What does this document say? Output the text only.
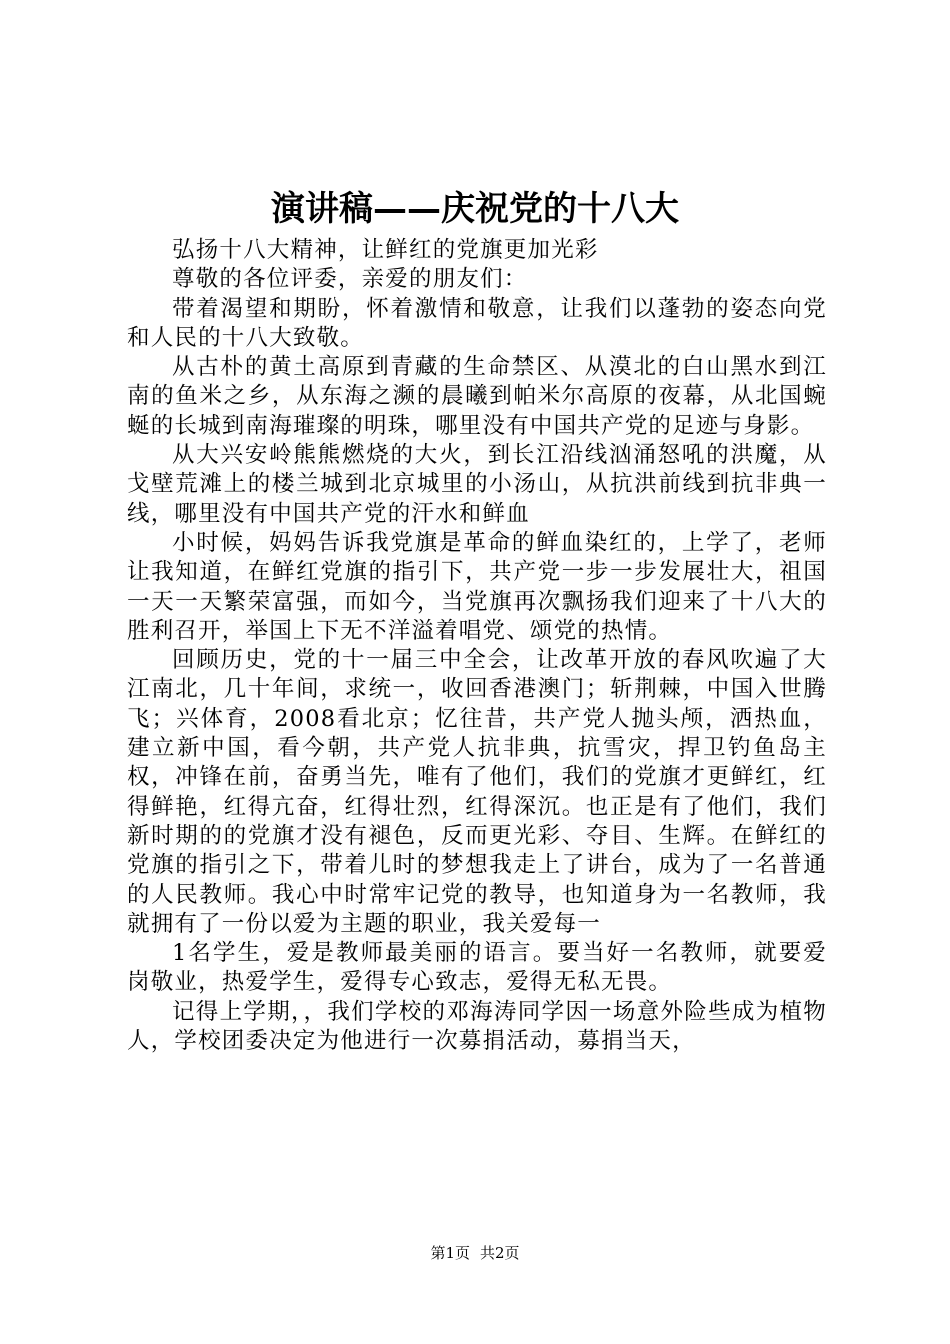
演讲稿——庆祝党的十八大

弘扬十八大精神，让鲜红的党旗更加光彩

尊敬的各位评委，亲爱的朋友们：

带着渴望和期盼，怀着激情和敬意，让我们以蓬勃的姿态向党和人民的十八大致敬。

从古朴的黄土高原到青藏的生命禁区、从漠北的白山黑水到江南的鱼米之乡，从东海之濒的晨曦到帕米尔高原的夜幕，从北国蜿蜒的长城到南海璀璨的明珠，哪里没有中国共产党的足迹与身影。

从大兴安岭熊熊燃烧的大火，到长江沿线汹涌怒吼的洪魔，从戈壁荒滩上的楼兰城到北京城里的小汤山，从抗洪前线到抗非典一线，哪里没有中国共产党的汗水和鲜血

小时候，妈妈告诉我党旗是革命的鲜血染红的，上学了，老师让我知道，在鲜红党旗的指引下，共产党一步一步发展壮大，祖国一天一天繁荣富强，而如今，当党旗再次飘扬我们迎来了十八大的胜利召开，举国上下无不洋溢着唱党、颂党的热情。

回顾历史，党的十一届三中全会，让改革开放的春风吹遍了大江南北，几十年间，求统一，收回香港澳门；斩荆棘，中国入世腾飞；兴体育，2008看北京；忆往昔，共产党人抛头颅，洒热血，建立新中国，看今朝，共产党人抗非典，抗雪灾，捍卫钓鱼岛主权，冲锋在前，奋勇当先，唯有了他们，我们的党旗才更鲜红，红得鲜艳，红得亢奋，红得壮烈，红得深沉。也正是有了他们，我们新时期的的党旗才没有褪色，反而更光彩、夺目、生辉。在鲜红的党旗的指引之下，带着儿时的梦想我走上了讲台，成为了一名普通的人民教师。我心中时常牢记党的教导，也知道身为一名教师，我就拥有了一份以爱为主题的职业，我关爱每一

1名学生，爱是教师最美丽的语言。要当好一名教师，就要爱岗敬业，热爱学生，爱得专心致志，爱得无私无畏。

记得上学期，，我们学校的邓海涛同学因一场意外险些成为植物人，学校团委决定为他进行一次募捐活动，募捐当天，

第1页 共2页
